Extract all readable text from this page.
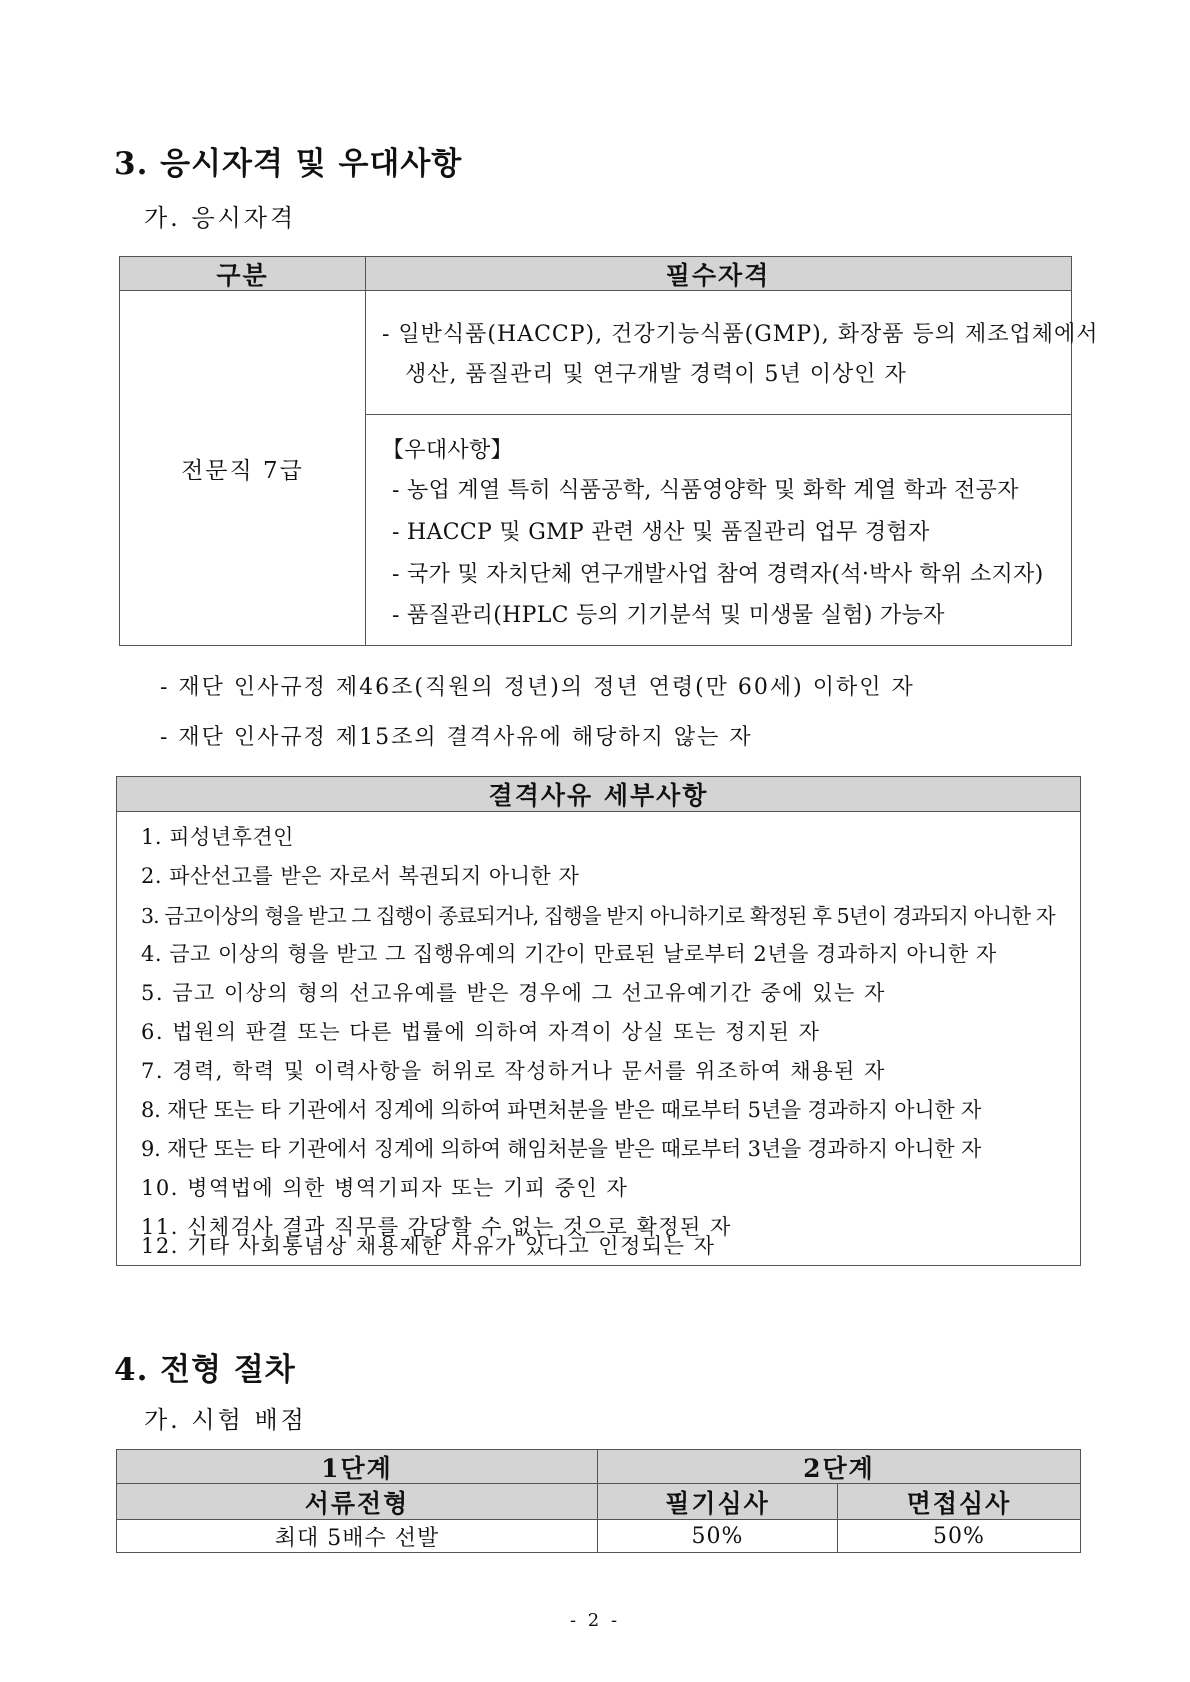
3. 응시자격 및 우대사항
가. 응시자격
구분	필수자격
전문직 7급
- 일반식품(HACCP), 건강기능식품(GMP), 화장품 등의 제조업체에서
생산, 품질관리 및 연구개발 경력이 5년 이상인 자
【우대사항】
- 농업 계열 특히 식품공학, 식품영양학 및 화학 계열 학과 전공자
- HACCP 및 GMP 관련 생산 및 품질관리 업무 경험자
- 국가 및 자치단체 연구개발사업 참여 경력자(석·박사 학위 소지자)
- 품질관리(HPLC 등의 기기분석 및 미생물 실험) 가능자
- 재단 인사규정 제46조(직원의 정년)의 정년 연령(만 60세) 이하인 자
- 재단 인사규정 제15조의 결격사유에 해당하지 않는 자
결격사유 세부사항
1. 피성년후견인
2. 파산선고를 받은 자로서 복권되지 아니한 자
3. 금고이상의 형을 받고 그 집행이 종료되거나, 집행을 받지 아니하기로 확정된 후 5년이 경과되지 아니한 자
4. 금고 이상의 형을 받고 그 집행유예의 기간이 만료된 날로부터 2년을 경과하지 아니한 자
5. 금고 이상의 형의 선고유예를 받은 경우에 그 선고유예기간 중에 있는 자
6. 법원의 판결 또는 다른 법률에 의하여 자격이 상실 또는 정지된 자
7. 경력, 학력 및 이력사항을 허위로 작성하거나 문서를 위조하여 채용된 자
8. 재단 또는 타 기관에서 징계에 의하여 파면처분을 받은 때로부터 5년을 경과하지 아니한 자
9. 재단 또는 타 기관에서 징계에 의하여 해임처분을 받은 때로부터 3년을 경과하지 아니한 자
10. 병역법에 의한 병역기피자 또는 기피 중인 자
11. 신체검사 결과 직무를 감당할 수 없는 것으로 확정된 자
12. 기타 사회통념상 채용제한 사유가 있다고 인정되는 자
4. 전형 절차
가. 시험 배점
1단계	2단계
서류전형	필기심사	면접심사
최대 5배수 선발	50%	50%
- 2 -
